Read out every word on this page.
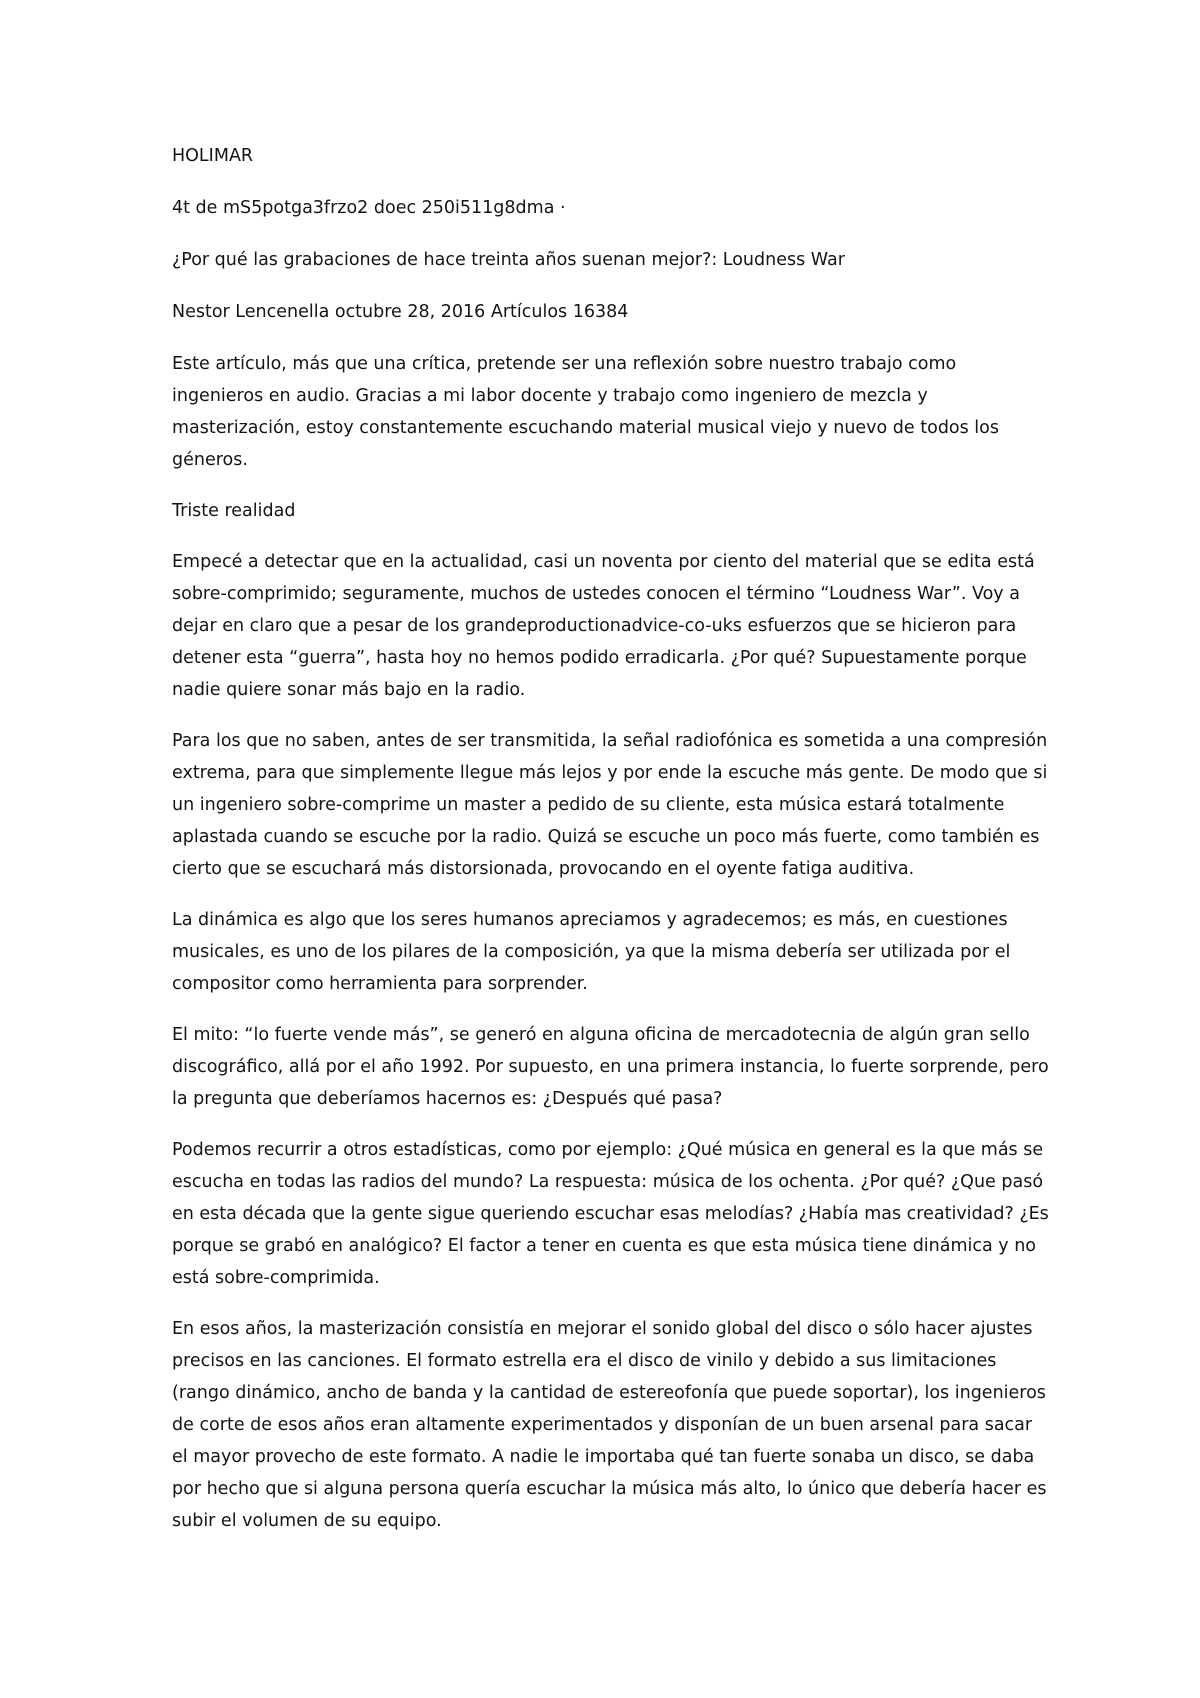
HOLIMAR

4t de mS5potga3frzo2 doec 250i511g8dma ·

¿Por qué las grabaciones de hace treinta años suenan mejor?: Loudness War

Nestor Lencenella octubre 28, 2016 Artículos 16384

Este artículo, más que una crítica, pretende ser una reflexión sobre nuestro trabajo como ingenieros en audio. Gracias a mi labor docente y trabajo como ingeniero de mezcla y masterización, estoy constantemente escuchando material musical viejo y nuevo de todos los géneros.

Triste realidad

Empecé a detectar que en la actualidad, casi un noventa por ciento del material que se edita está sobre-comprimido; seguramente, muchos de ustedes conocen el término “Loudness War”. Voy a dejar en claro que a pesar de los grandeproductionadvice-co-uks esfuerzos que se hicieron para detener esta “guerra”, hasta hoy no hemos podido erradicarla. ¿Por qué? Supuestamente porque nadie quiere sonar más bajo en la radio.

Para los que no saben, antes de ser transmitida, la señal radiofónica es sometida a una compresión extrema, para que simplemente llegue más lejos y por ende la escuche más gente. De modo que si un ingeniero sobre-comprime un master a pedido de su cliente, esta música estará totalmente aplastada cuando se escuche por la radio. Quizá se escuche un poco más fuerte, como también es cierto que se escuchará más distorsionada, provocando en el oyente fatiga auditiva.

La dinámica es algo que los seres humanos apreciamos y agradecemos; es más, en cuestiones musicales, es uno de los pilares de la composición, ya que la misma debería ser utilizada por el compositor como herramienta para sorprender.

El mito: “lo fuerte vende más”, se generó en alguna oficina de mercadotecnia de algún gran sello discográfico, allá por el año 1992. Por supuesto, en una primera instancia, lo fuerte sorprende, pero la pregunta que deberíamos hacernos es: ¿Después qué pasa?

Podemos recurrir a otros estadísticas, como por ejemplo: ¿Qué música en general es la que más se escucha en todas las radios del mundo? La respuesta: música de los ochenta. ¿Por qué? ¿Que pasó en esta década que la gente sigue queriendo escuchar esas melodías? ¿Había mas creatividad? ¿Es porque se grabó en analógico? El factor a tener en cuenta es que esta música tiene dinámica y no está sobre-comprimida.

En esos años, la masterización consistía en mejorar el sonido global del disco o sólo hacer ajustes precisos en las canciones. El formato estrella era el disco de vinilo y debido a sus limitaciones (rango dinámico, ancho de banda y la cantidad de estereofonía que puede soportar), los ingenieros de corte de esos años eran altamente experimentados y disponían de un buen arsenal para sacar el mayor provecho de este formato. A nadie le importaba qué tan fuerte sonaba un disco, se daba por hecho que si alguna persona quería escuchar la música más alto, lo único que debería hacer es subir el volumen de su equipo.
